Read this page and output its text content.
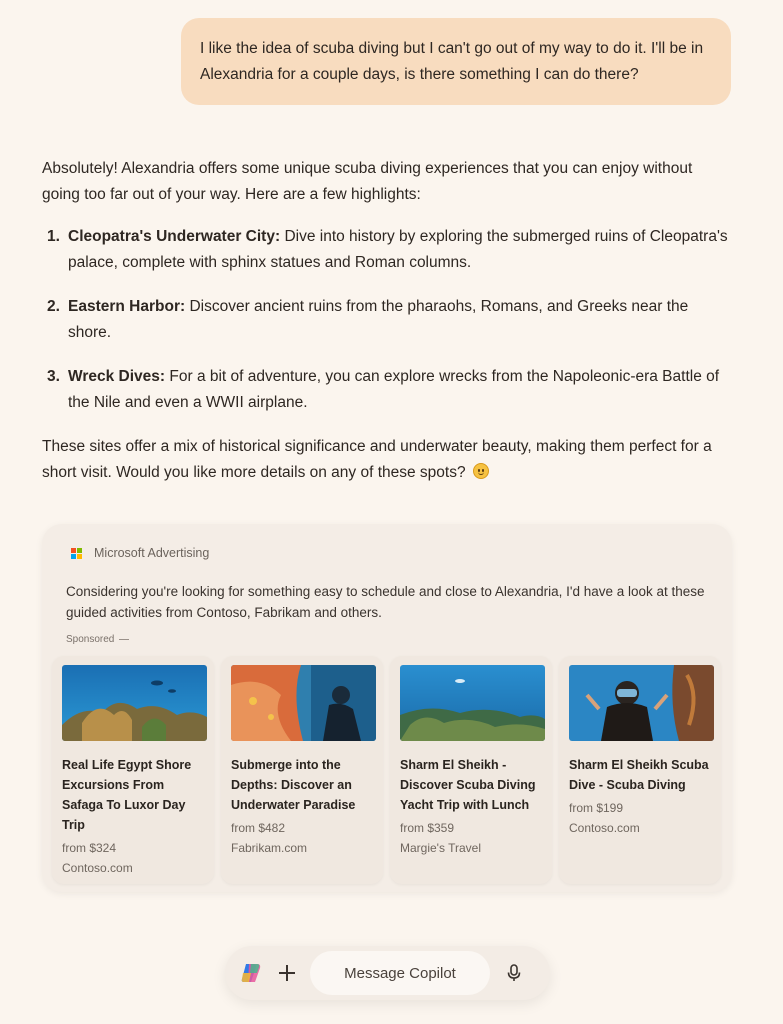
I like the idea of scuba diving but I can't go out of my way to do it. I'll be in Alexandria for a couple days, is there something I can do there?

Absolutely! Alexandria offers some unique scuba diving experiences that you can enjoy without going too far out of your way. Here are a few highlights:

1. Cleopatra's Underwater City: Dive into history by exploring the submerged ruins of Cleopatra's palace, complete with sphinx statues and Roman columns.
2. Eastern Harbor: Discover ancient ruins from the pharaohs, Romans, and Greeks near the shore.
3. Wreck Dives: For a bit of adventure, you can explore wrecks from the Napoleonic-era Battle of the Nile and even a WWII airplane.

These sites offer a mix of historical significance and underwater beauty, making them perfect for a short visit. Would you like more details on any of these spots?

Microsoft Advertising
Considering you're looking for something easy to schedule and close to Alexandria, I'd have a look at these guided activities from Contoso, Fabrikam and others.
Sponsored
Real Life Egypt Shore Excursions From Safaga To Luxor Day Trip
from $324
Contoso.com
Submerge into the Depths: Discover an Underwater Paradise
from $482
Fabrikam.com
Sharm El Sheikh - Discover Scuba Diving Yacht Trip with Lunch
from $359
Margie's Travel
Sharm El Sheikh Scuba Dive - Scuba Diving
from $199
Contoso.com
Message Copilot
